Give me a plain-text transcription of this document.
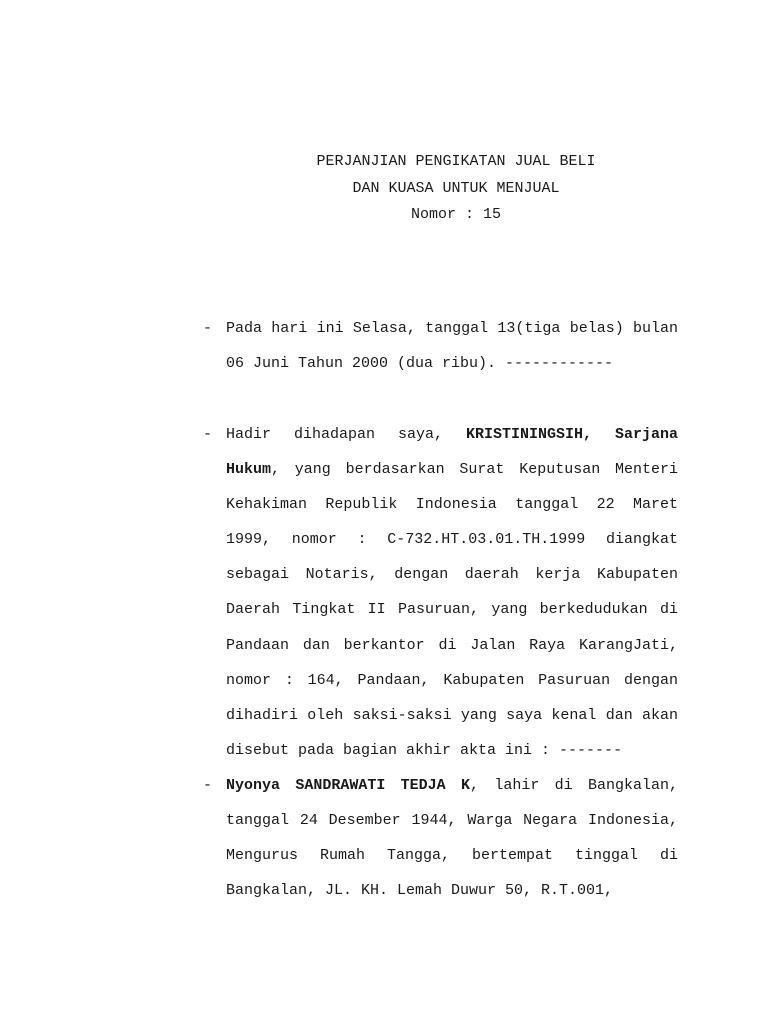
PERJANJIAN PENGIKATAN JUAL BELI
DAN KUASA UNTUK MENJUAL
Nomor : 15
- Pada hari ini Selasa, tanggal 13(tiga belas) bulan 06 Juni Tahun 2000 (dua ribu). ------------
- Hadir dihadapan saya, KRISTININGSIH, Sarjana Hukum, yang berdasarkan Surat Keputusan Menteri Kehakiman Republik Indonesia tanggal 22 Maret 1999, nomor : C-732.HT.03.01.TH.1999 diangkat sebagai Notaris, dengan daerah kerja Kabupaten Daerah Tingkat II Pasuruan, yang berkedudukan di Pandaan dan berkantor di Jalan Raya KarangJati, nomor : 164, Pandaan, Kabupaten Pasuruan dengan dihadiri oleh saksi-saksi yang saya kenal dan akan disebut pada bagian akhir akta ini : -------
- Nyonya SANDRAWATI TEDJA K, lahir di Bangkalan, tanggal 24 Desember 1944, Warga Negara Indonesia, Mengurus Rumah Tangga, bertempat tinggal di Bangkalan, JL. KH. Lemah Duwur 50, R.T.001,
